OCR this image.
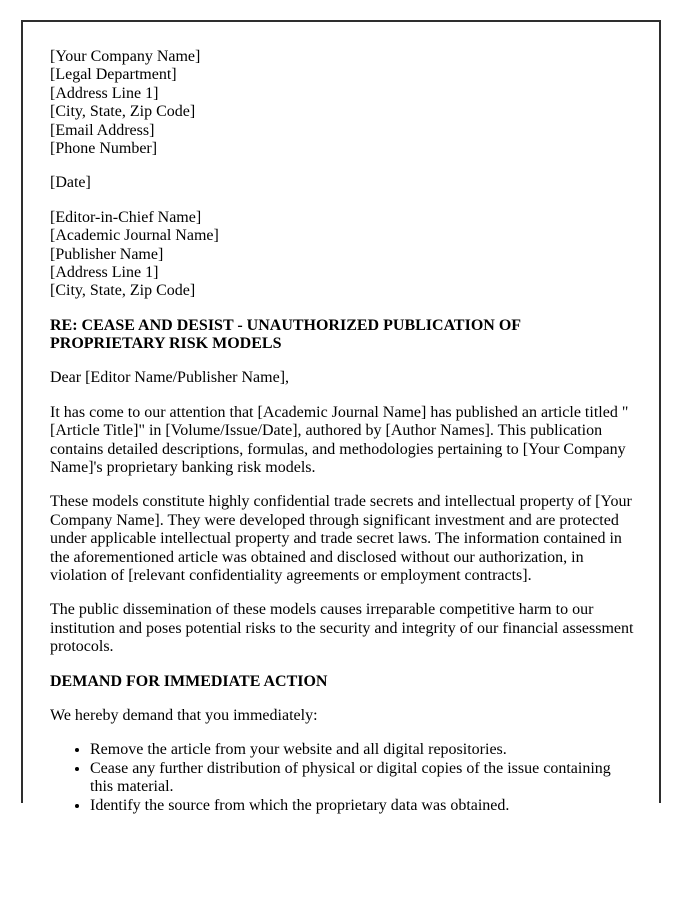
[Your Company Name]
[Legal Department]
[Address Line 1]
[City, State, Zip Code]
[Email Address]
[Phone Number]
[Date]
[Editor-in-Chief Name]
[Academic Journal Name]
[Publisher Name]
[Address Line 1]
[City, State, Zip Code]

RE: CEASE AND DESIST - UNAUTHORIZED PUBLICATION OF PROPRIETARY RISK MODELS

Dear [Editor Name/Publisher Name],

It has come to our attention that [Academic Journal Name] has published an article titled " [Article Title]" in [Volume/Issue/Date], authored by [Author Names]. This publication contains detailed descriptions, formulas, and methodologies pertaining to [Your Company Name]'s proprietary banking risk models.

These models constitute highly confidential trade secrets and intellectual property of [Your Company Name]. They were developed through significant investment and are protected under applicable intellectual property and trade secret laws. The information contained in the aforementioned article was obtained and disclosed without our authorization, in violation of [relevant confidentiality agreements or employment contracts].

The public dissemination of these models causes irreparable competitive harm to our institution and poses potential risks to the security and integrity of our financial assessment protocols.

DEMAND FOR IMMEDIATE ACTION

We hereby demand that you immediately:

• Remove the article from your website and all digital repositories.
• Cease any further distribution of physical or digital copies of the issue containing this material.
• Identify the source from which the proprietary data was obtained.
